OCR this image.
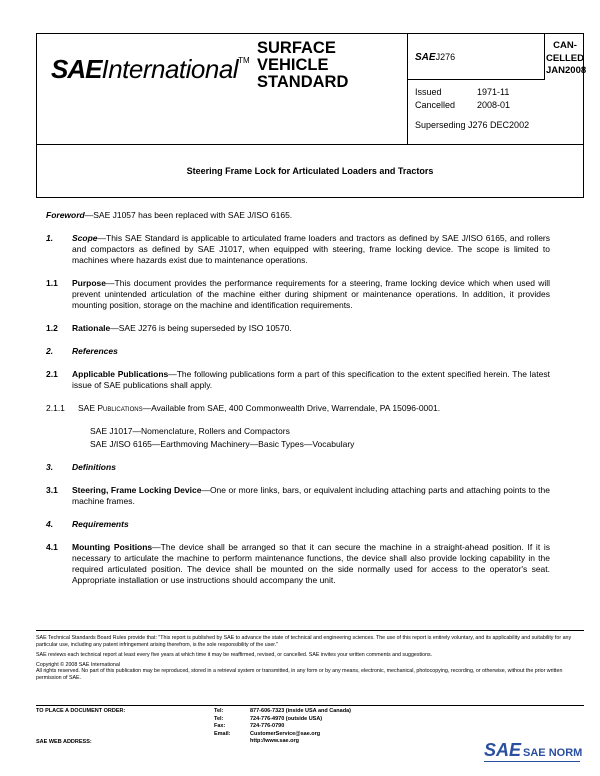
SAEInternational™
SURFACE
VEHICLE
STANDARD
SAEJ276
CAN-
CELLED
JAN2008
Issued	1971-11
Cancelled 2008-01
Superseding J276 DEC2002
Steering Frame Lock for Articulated Loaders and Tractors
Foreword—SAE J1057 has been replaced with SAE J/ISO 6165.
1.	Scope—This SAE Standard is applicable to articulated frame loaders and tractors as defined by SAE J/ISO 6165, and rollers and compactors as defined by SAE J1017, when equipped with steering, frame locking device. The scope is limited to machines where hazards exist due to maintenance operations.
1.1	Purpose—This document provides the performance requirements for a steering, frame locking device which when used will prevent unintended articulation of the machine either during shipment or maintenance operations. In addition, it provides mounting position, storage on the machine and identification requirements.
1.2	Rationale—SAE J276 is being superseded by ISO 10570.
2.	References
2.1	Applicable Publications—The following publications form a part of this specification to the extent specified herein. The latest issue of SAE publications shall apply.
2.1.1	SAE Publications—Available from SAE, 400 Commonwealth Drive, Warrendale, PA 15096-0001.
SAE J1017—Nomenclature, Rollers and Compactors
SAE J/ISO 6165—Earthmoving Machinery—Basic Types—Vocabulary
3.	Definitions
3.1	Steering, Frame Locking Device—One or more links, bars, or equivalent including attaching parts and attaching points to the machine frames.
4.	Requirements
4.1	Mounting Positions—The device shall be arranged so that it can secure the machine in a straight-ahead position. If it is necessary to articulate the machine to perform maintenance functions, the device shall also provide locking capability in the required articulated position. The device shall be mounted on the side normally used for access to the operator's seat. Appropriate installation or use instructions should accompany the unit.

SAE Technical Standards Board Rules provide that: "This report is published by SAE to advance the state of technical and engineering sciences. The use of this report is entirely voluntary, and its applicability and suitability for any particular use, including any patent infringement arising therefrom, is the sole responsibility of the user."

SAE reviews each technical report at least every five years at which time it may be reaffirmed, revised, or cancelled. SAE invites your written comments and suggestions.

Copyright © 2008 SAE International

All rights reserved. No part of this publication may be reproduced, stored in a retrieval system or transmitted, in any form or by any means, electronic, mechanical, photocopying, recording, or otherwise, without the prior written permission of SAE.

TO PLACE A DOCUMENT ORDER:
SAE WEB ADDRESS:
Tel:	877-606-7323 (inside USA and Canada)
Tel:	724-776-4970 (outside USA)
Fax:	724-776-0790
Email:	CustomerService@sae.org
http://www.sae.org	SAE SAE NORM
